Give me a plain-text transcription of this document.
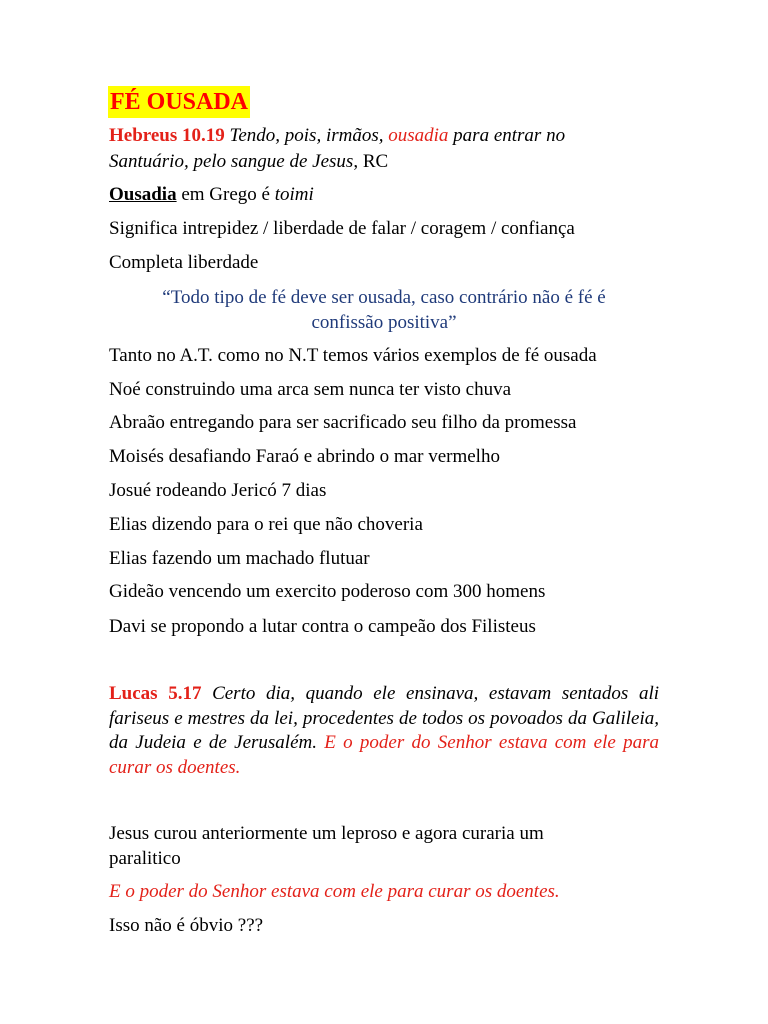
FÉ OUSADA
Hebreus 10.19 Tendo, pois, irmãos, ousadia para entrar no
Santuário, pelo sangue de Jesus, RC
Ousadia em Grego é toimi
Significa intrepidez / liberdade de falar / coragem / confiança
Completa liberdade
“Todo tipo de fé deve ser ousada, caso contrário não é fé é
confissão positiva”
Tanto no A.T. como no N.T temos vários exemplos de fé ousada
Noé construindo uma arca sem nunca ter visto chuva
Abraão entregando para ser sacrificado seu filho da promessa
Moisés desafiando Faraó e abrindo o mar vermelho
Josué rodeando Jericó 7 dias
Elias dizendo para o rei que não choveria
Elias fazendo um machado flutuar
Gideão vencendo um exercito poderoso com 300 homens
Davi se propondo a lutar contra o campeão dos Filisteus
Lucas 5.17 Certo dia, quando ele ensinava, estavam sentados ali fariseus e mestres da lei, procedentes de todos os povoados da Galileia, da Judeia e de Jerusalém. E o poder do Senhor estava com ele para curar os doentes.
Jesus curou anteriormente um leproso e agora curaria um
paralitico
E o poder do Senhor estava com ele para curar os doentes.
Isso não é óbvio ???
